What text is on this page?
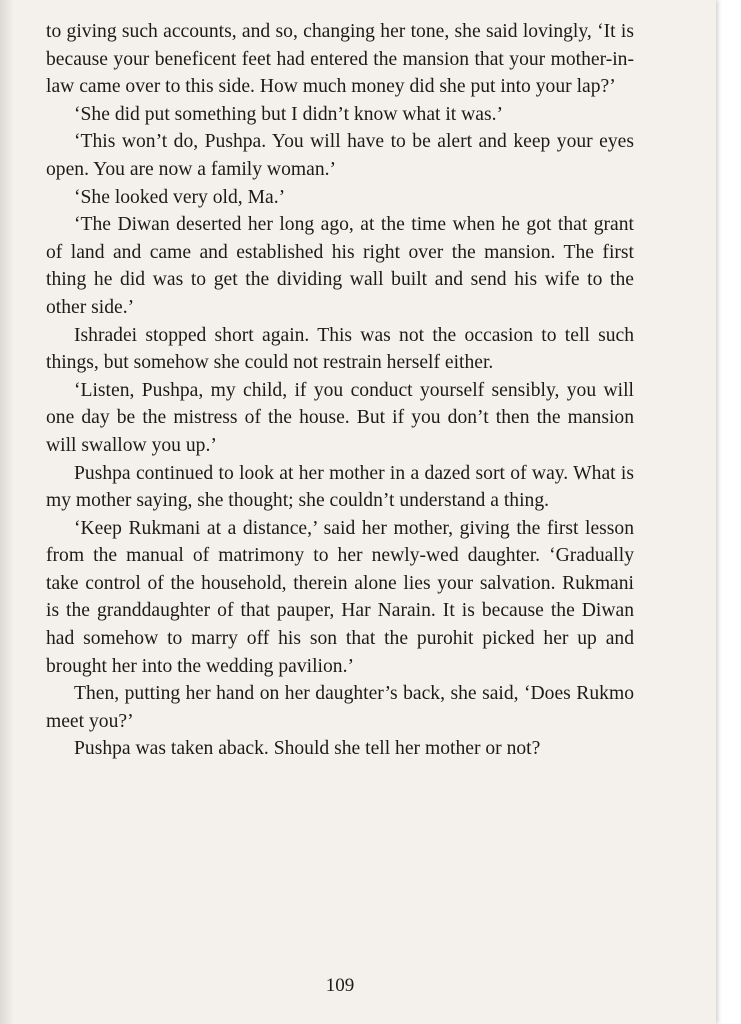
to giving such accounts, and so, changing her tone, she said lovingly, ‘It is because your beneficent feet had entered the mansion that your mother-in-law came over to this side. How much money did she put into your lap?’

‘She did put something but I didn’t know what it was.’

‘This won’t do, Pushpa. You will have to be alert and keep your eyes open. You are now a family woman.’

‘She looked very old, Ma.’

‘The Diwan deserted her long ago, at the time when he got that grant of land and came and established his right over the mansion. The first thing he did was to get the dividing wall built and send his wife to the other side.’

Ishradei stopped short again. This was not the occasion to tell such things, but somehow she could not restrain herself either.

‘Listen, Pushpa, my child, if you conduct yourself sensibly, you will one day be the mistress of the house. But if you don’t then the mansion will swallow you up.’

Pushpa continued to look at her mother in a dazed sort of way. What is my mother saying, she thought; she couldn’t understand a thing.

‘Keep Rukmani at a distance,’ said her mother, giving the first lesson from the manual of matrimony to her newly-wed daughter. ‘Gradually take control of the household, therein alone lies your salvation. Rukmani is the granddaughter of that pauper, Har Narain. It is because the Diwan had somehow to marry off his son that the purohit picked her up and brought her into the wedding pavilion.’

Then, putting her hand on her daughter’s back, she said, ‘Does Rukmo meet you?’

Pushpa was taken aback. Should she tell her mother or not?

109
